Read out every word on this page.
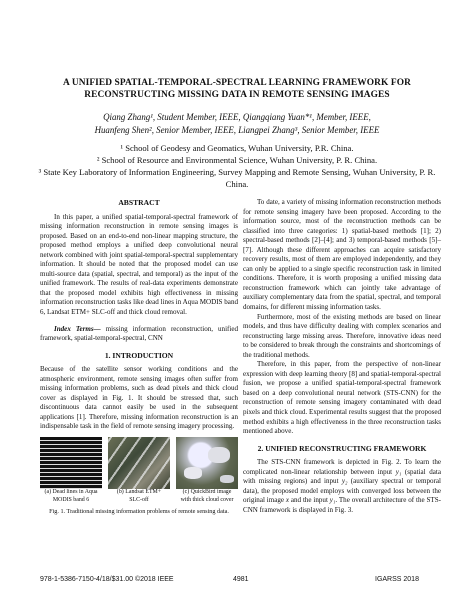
A UNIFIED SPATIAL-TEMPORAL-SPECTRAL LEARNING FRAMEWORK FOR RECONSTRUCTING MISSING DATA IN REMOTE SENSING IMAGES
Qiang Zhang¹, Student Member, IEEE, Qiangqiang Yuan*¹, Member, IEEE,
Huanfeng Shen², Senior Member, IEEE, Liangpei Zhang³, Senior Member, IEEE
¹ School of Geodesy and Geomatics, Wuhan University, P.R. China.
² School of Resource and Environmental Science, Wuhan University, P. R. China.
³ State Key Laboratory of Information Engineering, Survey Mapping and Remote Sensing, Wuhan University, P. R. China.
ABSTRACT

In this paper, a unified spatial-temporal-spectral framework of missing information reconstruction in remote sensing images is proposed. Based on an end-to-end non-linear mapping structure, the proposed method employs a unified deep convolutional neural network combined with joint spatial-temporal-spectral supplementary information. It should be noted that the proposed model can use multi-source data (spatial, spectral, and temporal) as the input of the unified framework. The results of real-data experiments demonstrate that the proposed model exhibits high effectiveness in missing information reconstruction tasks like dead lines in Aqua MODIS band 6, Landsat ETM+ SLC-off and thick cloud removal.

Index Terms— missing information reconstruction, unified framework, spatial-temporal-spectral, CNN

1. INTRODUCTION

Because of the satellite sensor working conditions and the atmospheric environment, remote sensing images often suffer from missing information problems, such as dead pixels and thick cloud cover as displayed in Fig. 1. It should be stressed that, such discontinuous data cannot easily be used in the subsequent applications [1]. Therefore, missing information reconstruction is an indispensable task in the field of remote sensing imagery processing.

(a) Dead lines in Aqua
MODIS band 6
(b) Landsat ETM+
SLC-off
(c) QuickBird image
with thick cloud cover
Fig. 1. Traditional missing information problems of remote sensing data.

To date, a variety of missing information reconstruction methods for remote sensing imagery have been proposed. According to the information source, most of the reconstruction methods can be classified into three categories: 1) spatial-based methods [1]; 2) spectral-based methods [2]–[4]; and 3) temporal-based methods [5]–[7]. Although these different approaches can acquire satisfactory recovery results, most of them are employed independently, and they can only be applied to a single specific reconstruction task in limited conditions. Therefore, it is worth proposing a unified missing data reconstruction framework which can jointly take advantage of auxiliary complementary data from the spatial, spectral, and temporal domains, for different missing information tasks.

Furthermore, most of the existing methods are based on linear models, and thus have difficulty dealing with complex scenarios and reconstructing large missing areas. Therefore, innovative ideas need to be considered to break through the constraints and shortcomings of the traditional methods.

Therefore, in this paper, from the perspective of non-linear expression with deep learning theory [8] and spatial-temporal-spectral fusion, we propose a unified spatial-temporal-spectral framework based on a deep convolutional neural network (STS-CNN) for the reconstruction of remote sensing imagery contaminated with dead pixels and thick cloud. Experimental results suggest that the proposed method exhibits a high effectiveness in the three reconstruction tasks mentioned above.

2. UNIFIED RECONSTRUCTING FRAMEWORK

The STS-CNN framework is depicted in Fig. 2. To learn the complicated non-linear relationship between input y₁ (spatial data with missing regions) and input y₂ (auxiliary spectral or temporal data), the proposed model employs with converged loss between the original image x and the input y₁. The overall architecture of the STS-CNN framework is displayed in Fig. 3.

978-1-5386-7150-4/18/$31.00 ©2018 IEEE	4981	IGARSS 2018
